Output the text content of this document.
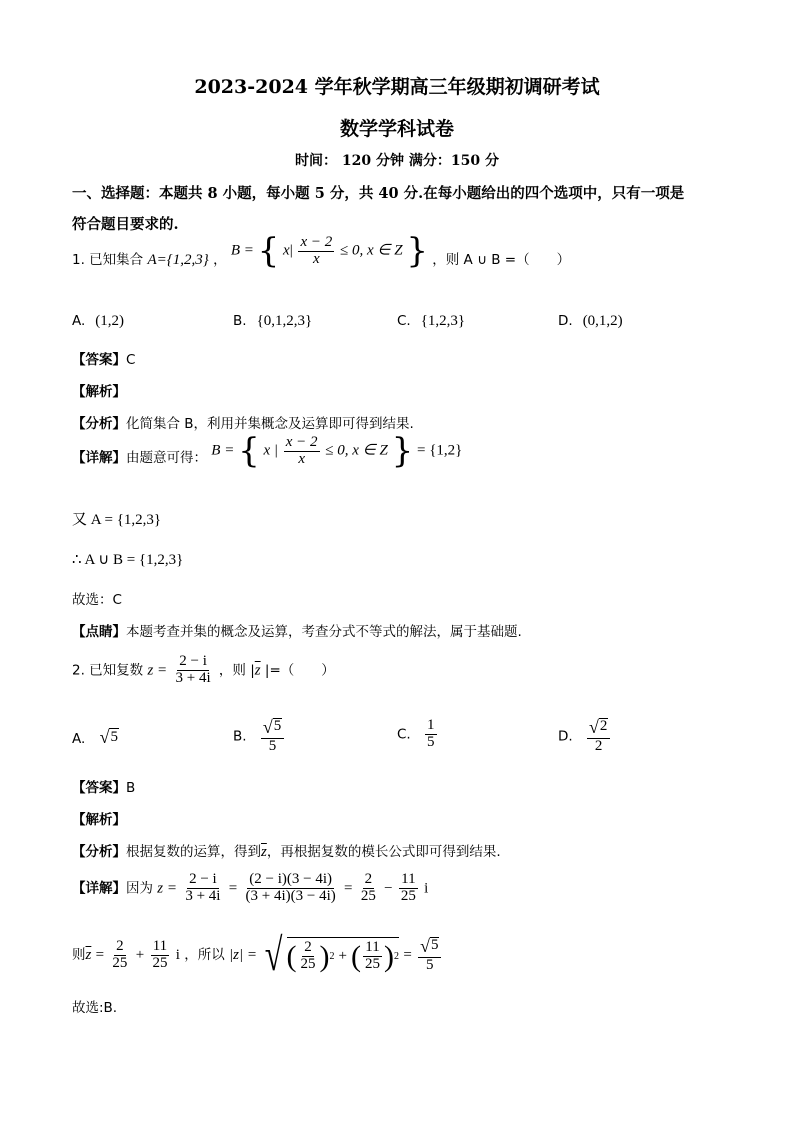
2023-2024 学年秋学期高三年级期初调研考试
数学学科试卷
时间： 120 分钟 满分：150 分
一、选择题：本题共 8 小题，每小题 5 分，共 40 分.在每小题给出的四个选项中，只有一项是
符合题目要求的.
1. 已知集合 A={1,2,3} ， B = { $x| \frac{x - 2}{x} \le 0$, x ∈ Z } ，则 A ∪ B =（　　）
A. (1,2)	B. {0,1,2,3}	C. {1,2,3}	D. (0,1,2)
【答案】C
【解析】
【分析】化简集合 B，利用并集概念及运算即可得到结果.
【详解】由题意可得： B = { x | $\frac{x - 2}{x} \le 0$, x ∈ Z } = {1,2}
又 A = {1,2,3}
∴ A ∪ B = {1,2,3}
故选：C
【点睛】本题考查并集的概念及运算，考查分式不等式的解法，属于基础题.
2. 已知复数 $z = \frac{2 - i}{3 + 4i}$ ，则 $|\overline{z}$ |=（　　）
A. √ 5	B. $\frac{√ 5}{5}$	C. $\frac{1}{5}$	D. $\frac{√ 2}{2}$
【答案】B
【解析】
【分析】根据复数的运算，得到$\overline{z}$，再根据复数的模长公式即可得到结果.
【详解】因为 $z = \frac{2 - i}{3 + 4i} = \frac{(2 - i)(3 - 4i)}{(3 + 4i)(3 - 4i)} = \frac{2}{25} - \frac{11}{25}$ i
则$\overline{z} = \frac{2}{25} + \frac{11}{25}$ i ，所以 |z| = √ ( $\frac{2}{25}$ ) 2 + ( $\frac{11}{25}$ ) $2 = \frac{√ 5}{5}$
故选:B.
